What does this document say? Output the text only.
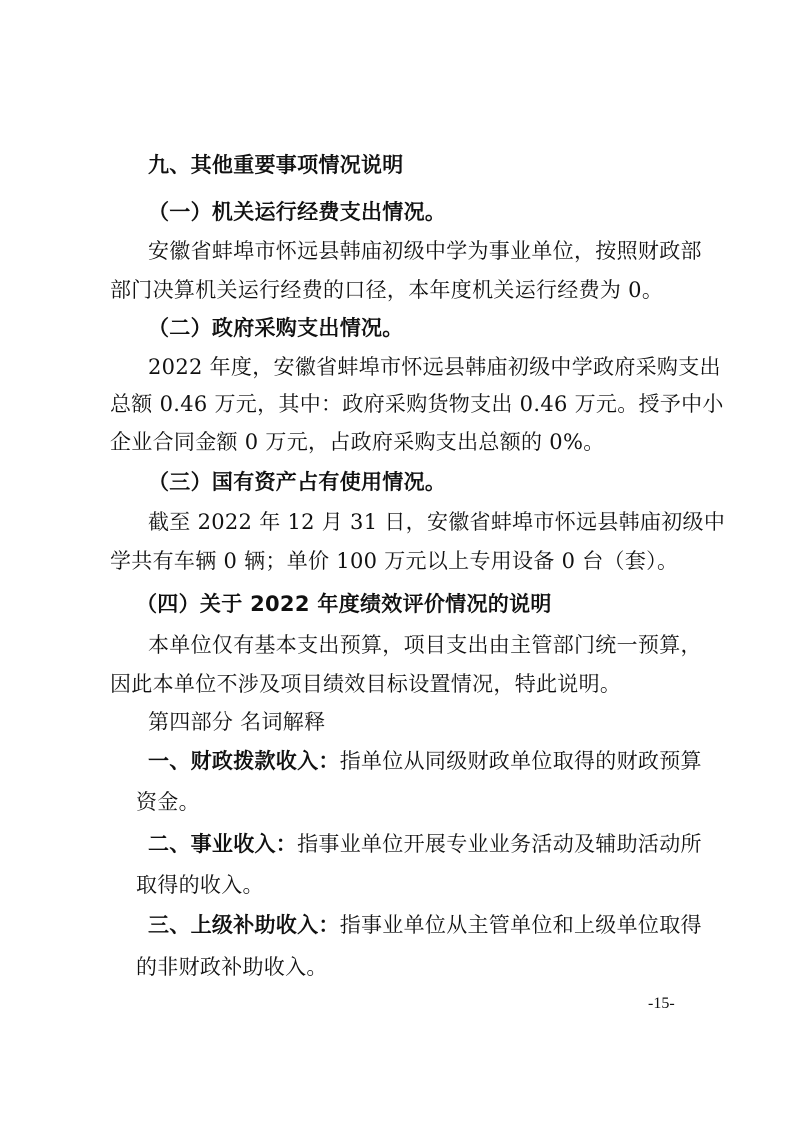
九、其他重要事项情况说明
（一）机关运行经费支出情况。
安徽省蚌埠市怀远县韩庙初级中学为事业单位，按照财政部
部门决算机关运行经费的口径，本年度机关运行经费为 0。
（二）政府采购支出情况。
2022 年度，安徽省蚌埠市怀远县韩庙初级中学政府采购支出
总额 0.46 万元，其中：政府采购货物支出 0.46 万元。授予中小
企业合同金额 0 万元，占政府采购支出总额的 0%。
（三）国有资产占有使用情况。
截至 2022 年 12 月 31 日，安徽省蚌埠市怀远县韩庙初级中
学共有车辆 0 辆；单价 100 万元以上专用设备 0 台（套）。
（四）关于 2022 年度绩效评价情况的说明
本单位仅有基本支出预算，项目支出由主管部门统一预算，
因此本单位不涉及项目绩效目标设置情况，特此说明。
第四部分 名词解释
一、财政拨款收入：指单位从同级财政单位取得的财政预算
资金。
二、事业收入：指事业单位开展专业业务活动及辅助活动所
取得的收入。
三、上级补助收入：指事业单位从主管单位和上级单位取得
的非财政补助收入。
-15-
